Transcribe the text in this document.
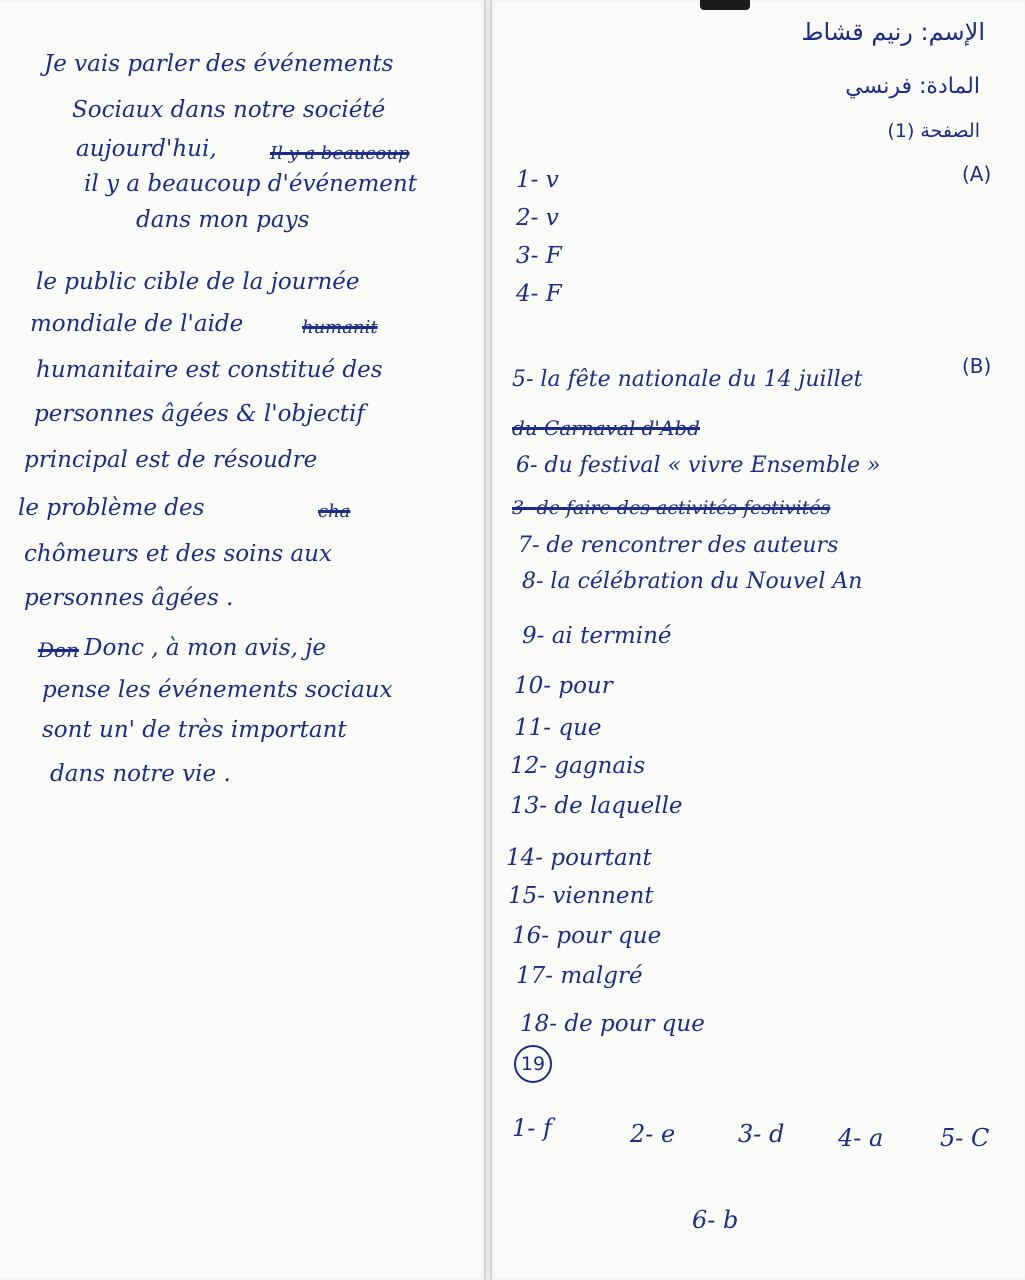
الإسم: رنيم قشاط
المادة: فرنسي
الصفحة (1)
(A)
(B)
Je vais parler des événements
Sociaux dans notre société
aujourd'hui,	Il y a beaucoup
il y a beaucoup d'événement
dans mon pays
le public cible de la journée
mondiale de l'aide	humanit
humanitaire est constitué des
personnes âgées & l'objectif
principal est de résoudre
le problème des	cha
chômeurs et des soins aux
personnes âgées .
Don Donc , à mon avis, je
pense les événements sociaux
sont un' de très important
dans notre vie .
1- v
2- v
3- F
4- F
5- la fête nationale du 14 juillet
du Carnaval d'Abd
6- du festival « vivre Ensemble »
3- de faire des activités festivités
7- de rencontrer des auteurs
8- la célébration du Nouvel An
9- ai terminé
10- pour
11- que
12- gagnais
13- de laquelle
14- pourtant
15- viennent
16- pour que
17- malgré
18- de pour que
19
1- f	2- e	3- d 4- a 5- C
6- b
